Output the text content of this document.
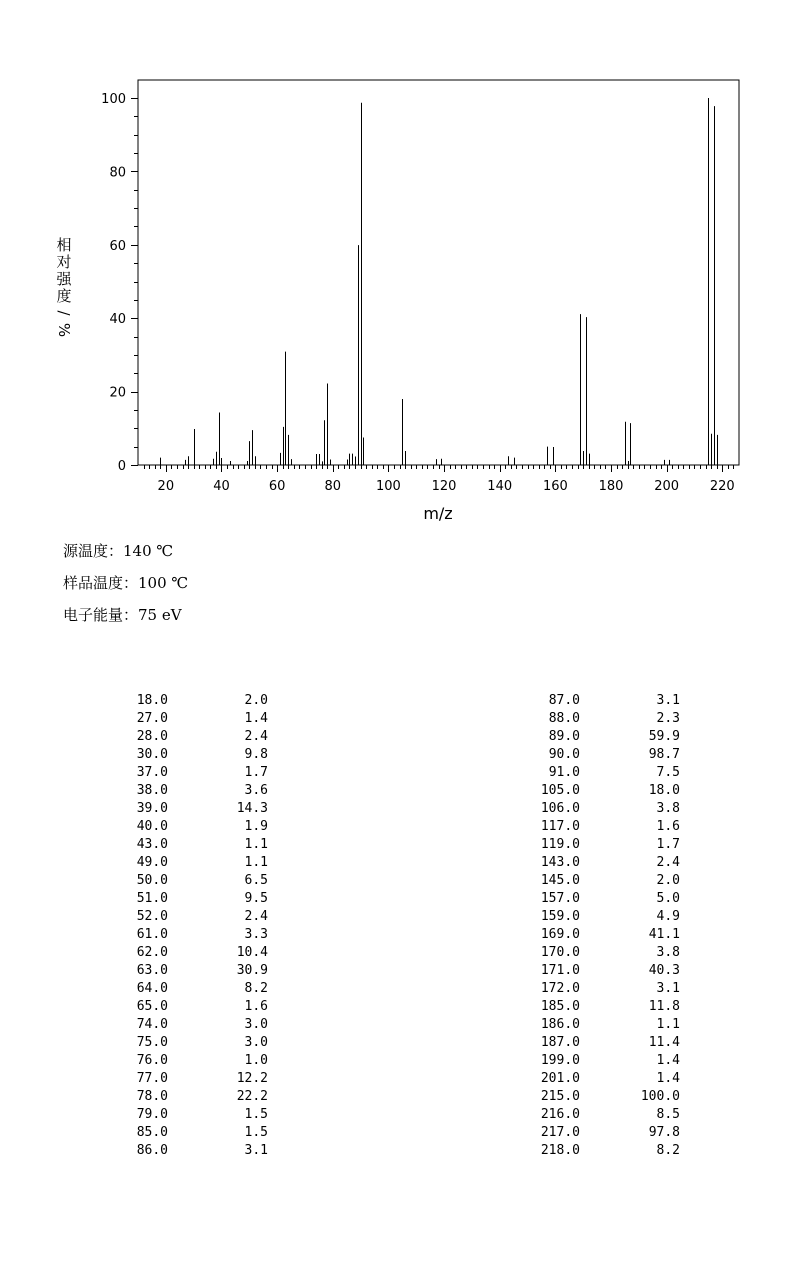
20	40	60	80	100 120 140 160 180 200 220
0
20
40
60
80
100
相
对
强
度
/
%
m/z
源温度：140 ℃
样品温度：100 ℃
电子能量：75 eV
18.0	2.0
27.0	1.4
28.0	2.4
30.0	9.8
37.0	1.7
38.0	3.6
39.0	14.3
40.0	1.9
43.0	1.1
49.0	1.1
50.0	6.5
51.0	9.5
52.0	2.4
61.0	3.3
62.0	10.4
63.0	30.9
64.0	8.2
65.0	1.6
74.0	3.0
75.0	3.0
76.0	1.0
77.0	12.2
78.0	22.2
79.0	1.5
85.0	1.5
86.0	3.1
87.0	3.1
88.0	2.3
89.0	59.9
90.0	98.7
91.0	7.5
105.0	18.0
106.0	3.8
117.0	1.6
119.0	1.7
143.0	2.4
145.0	2.0
157.0	5.0
159.0	4.9
169.0	41.1
170.0	3.8
171.0	40.3
172.0	3.1
185.0	11.8
186.0	1.1
187.0	11.4
199.0	1.4
201.0	1.4
215.0	100.0
216.0	8.5
217.0	97.8
218.0	8.2
